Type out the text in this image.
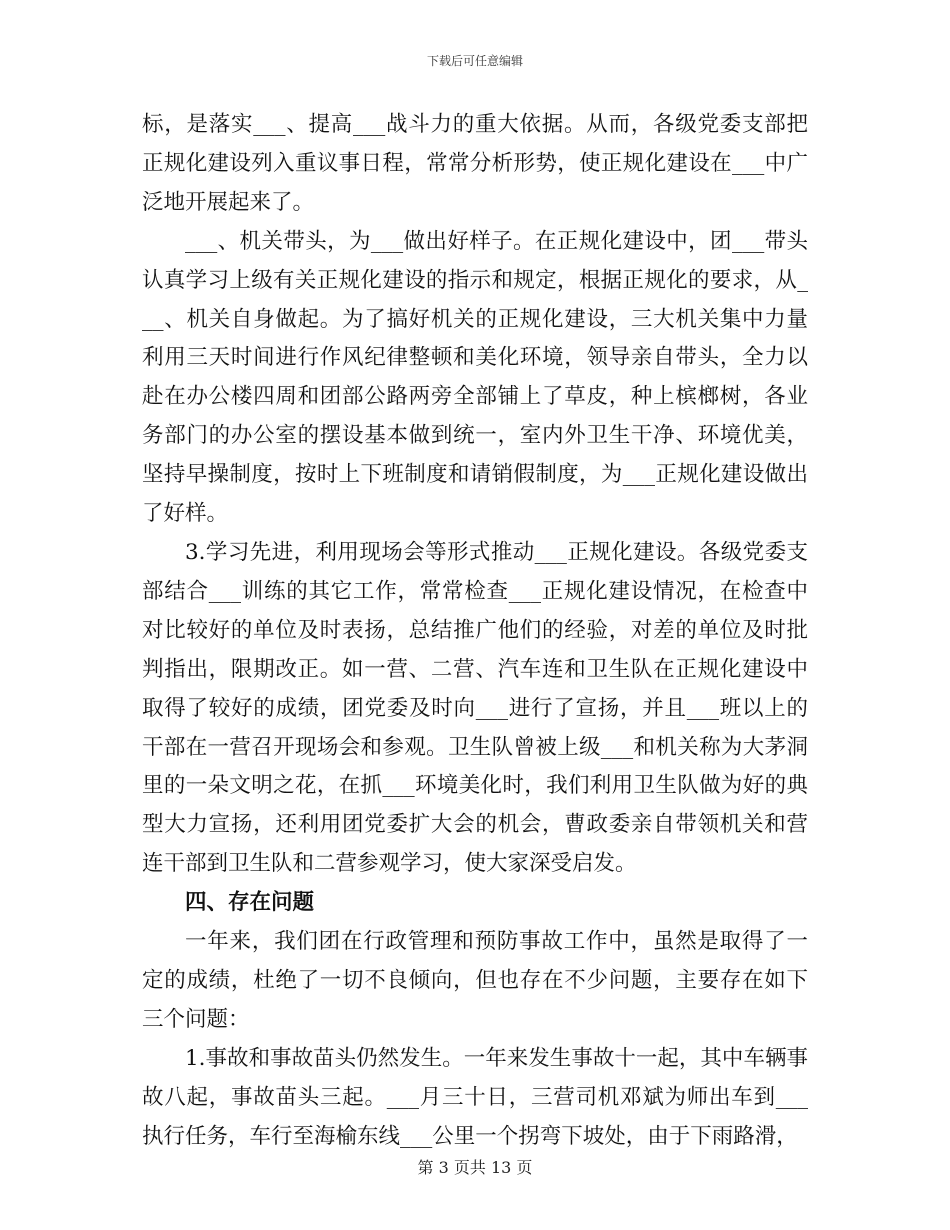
下载后可任意编辑

标，是落实___、提高___战斗力的重大依据。从而，各级党委支部把正规化建设列入重议事日程，常常分析形势，使正规化建设在___中广泛地开展起来了。

___、机关带头，为___做出好样子。在正规化建设中，团___带头认真学习上级有关正规化建设的指示和规定，根据正规化的要求，从___、机关自身做起。为了搞好机关的正规化建设，三大机关集中力量利用三天时间进行作风纪律整顿和美化环境，领导亲自带头，全力以赴在办公楼四周和团部公路两旁全部铺上了草皮，种上槟榔树，各业务部门的办公室的摆设基本做到统一，室内外卫生干净、环境优美，坚持早操制度，按时上下班制度和请销假制度，为___正规化建设做出了好样。

3.学习先进，利用现场会等形式推动___正规化建设。各级党委支部结合___训练的其它工作，常常检查___正规化建设情况，在检查中对比较好的单位及时表扬，总结推广他们的经验，对差的单位及时批判指出，限期改正。如一营、二营、汽车连和卫生队在正规化建设中取得了较好的成绩，团党委及时向___进行了宣扬，并且___班以上的干部在一营召开现场会和参观。卫生队曾被上级___和机关称为大茅洞里的一朵文明之花，在抓___环境美化时，我们利用卫生队做为好的典型大力宣扬，还利用团党委扩大会的机会，曹政委亲自带领机关和营连干部到卫生队和二营参观学习，使大家深受启发。

四、存在问题

一年来，我们团在行政管理和预防事故工作中，虽然是取得了一定的成绩，杜绝了一切不良倾向，但也存在不少问题，主要存在如下三个问题：

1.事故和事故苗头仍然发生。一年来发生事故十一起，其中车辆事故八起，事故苗头三起。___月三十日，三营司机邓斌为师出车到___执行任务，车行至海榆东线___公里一个拐弯下坡处，由于下雨路滑，

第 3 页共 13 页
